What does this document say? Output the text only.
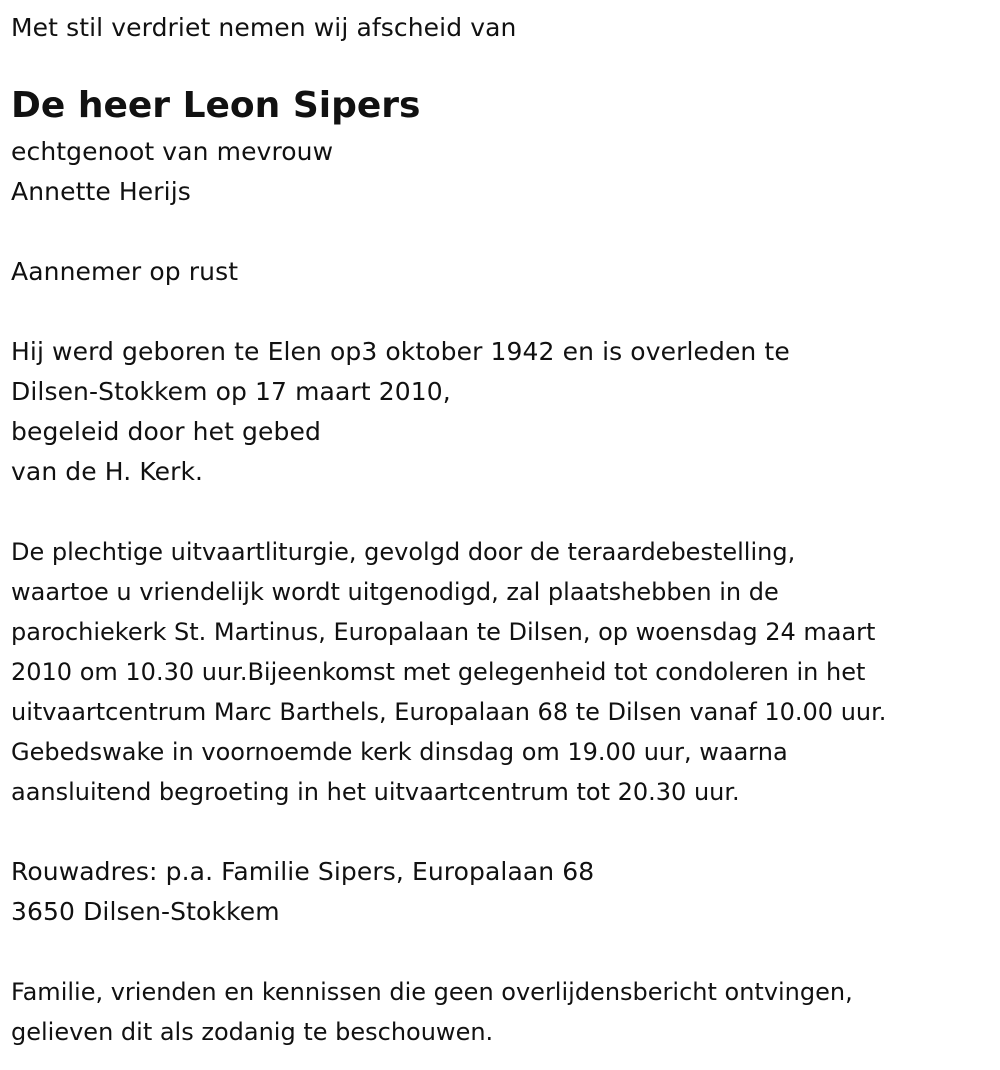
Met stil verdriet nemen wij afscheid van
De heer Leon Sipers
echtgenoot van mevrouw
Annette Herijs
Aannemer op rust
Hij werd geboren te Elen op3 oktober 1942 en is overleden te
Dilsen-Stokkem op 17 maart 2010,
begeleid door het gebed
van de H. Kerk.
De plechtige uitvaartliturgie, gevolgd door de teraardebestelling,
waartoe u vriendelijk wordt uitgenodigd, zal plaatshebben in de
parochiekerk St. Martinus, Europalaan te Dilsen, op woensdag 24 maart
2010 om 10.30 uur.Bijeenkomst met gelegenheid tot condoleren in het
uitvaartcentrum Marc Barthels, Europalaan 68 te Dilsen vanaf 10.00 uur.
Gebedswake in voornoemde kerk dinsdag om 19.00 uur, waarna
aansluitend begroeting in het uitvaartcentrum tot 20.30 uur.
Rouwadres: p.a. Familie Sipers, Europalaan 68
3650 Dilsen-Stokkem
Familie, vrienden en kennissen die geen overlijdensbericht ontvingen,
gelieven dit als zodanig te beschouwen.
